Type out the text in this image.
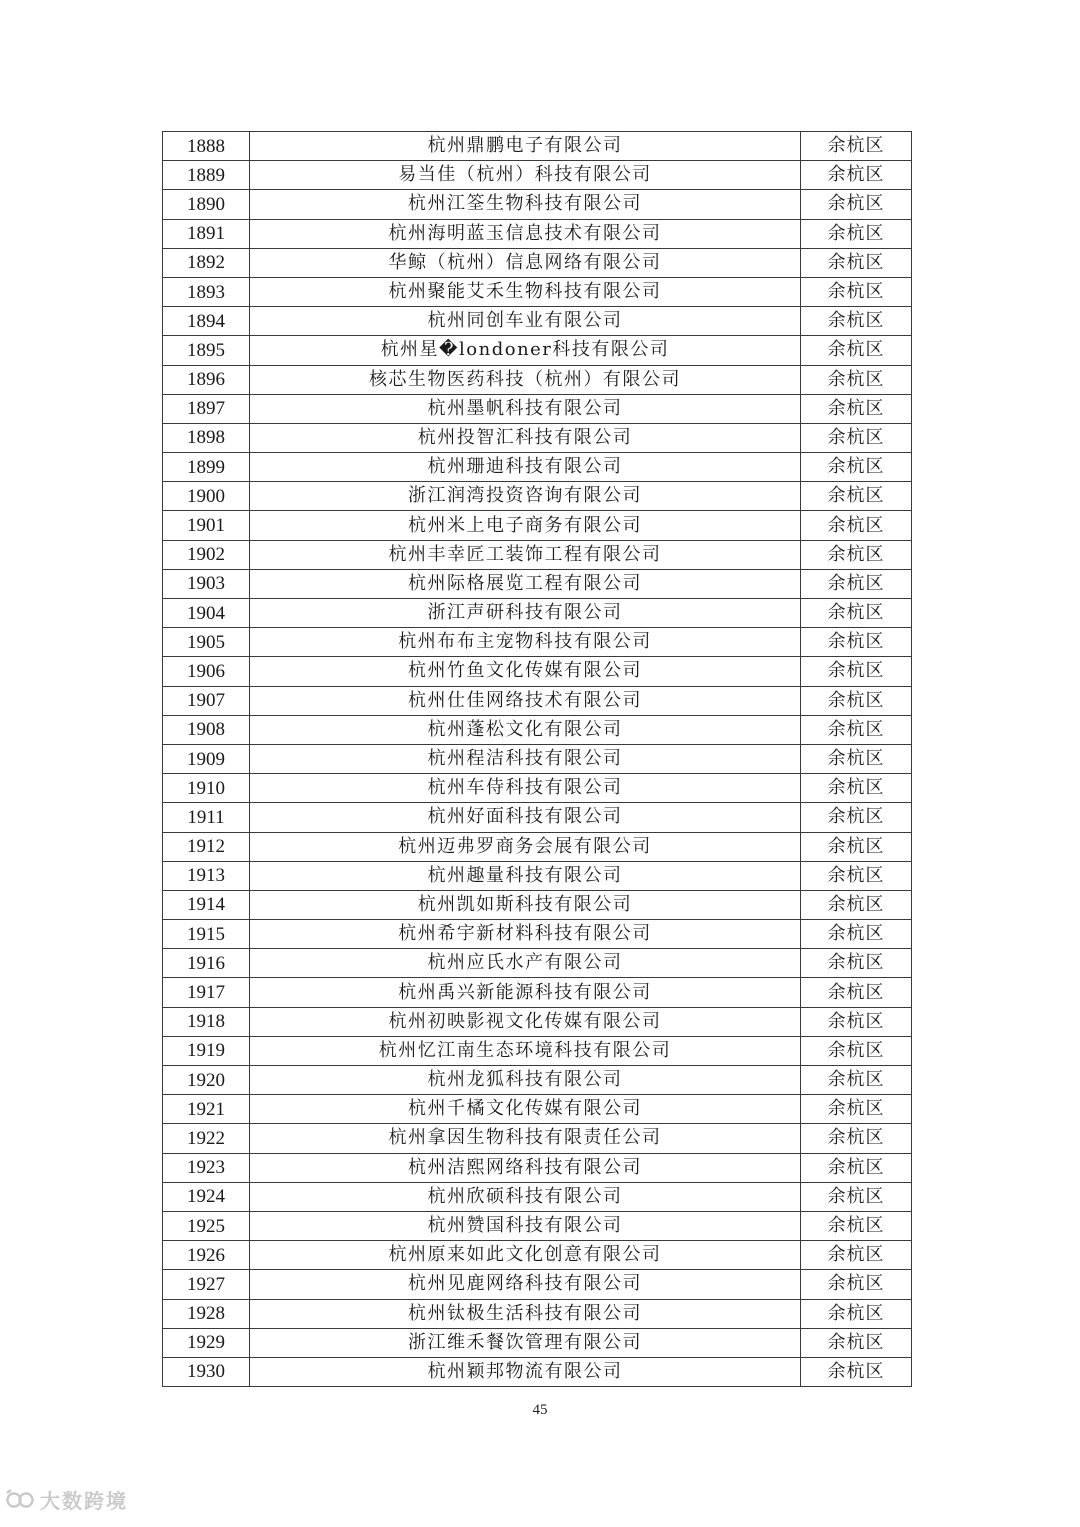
1888	杭州鼎鹏电子有限公司	余杭区
1889	易当佳（杭州）科技有限公司	余杭区
1890	杭州江筌生物科技有限公司	余杭区
1891	杭州海明蓝玉信息技术有限公司	余杭区
1892	华鲸（杭州）信息网络有限公司	余杭区
1893	杭州聚能艾禾生物科技有限公司	余杭区
1894	杭州同创车业有限公司	余杭区
1895	杭州星�londoner科技有限公司	余杭区
1896	核芯生物医药科技（杭州）有限公司	余杭区
1897	杭州墨帆科技有限公司	余杭区
1898	杭州投智汇科技有限公司	余杭区
1899	杭州珊迪科技有限公司	余杭区
1900	浙江润湾投资咨询有限公司	余杭区
1901	杭州米上电子商务有限公司	余杭区
1902	杭州丰幸匠工装饰工程有限公司	余杭区
1903	杭州际格展览工程有限公司	余杭区
1904	浙江声研科技有限公司	余杭区
1905	杭州布布主宠物科技有限公司	余杭区
1906	杭州竹鱼文化传媒有限公司	余杭区
1907	杭州仕佳网络技术有限公司	余杭区
1908	杭州蓬松文化有限公司	余杭区
1909	杭州程洁科技有限公司	余杭区
1910	杭州车侍科技有限公司	余杭区
1911	杭州好面科技有限公司	余杭区
1912	杭州迈弗罗商务会展有限公司	余杭区
1913	杭州趣量科技有限公司	余杭区
1914	杭州凯如斯科技有限公司	余杭区
1915	杭州希宇新材料科技有限公司	余杭区
1916	杭州应氏水产有限公司	余杭区
1917	杭州禹兴新能源科技有限公司	余杭区
1918	杭州初映影视文化传媒有限公司	余杭区
1919	杭州忆江南生态环境科技有限公司	余杭区
1920	杭州龙狐科技有限公司	余杭区
1921	杭州千橘文化传媒有限公司	余杭区
1922	杭州拿因生物科技有限责任公司	余杭区
1923	杭州洁熙网络科技有限公司	余杭区
1924	杭州欣硕科技有限公司	余杭区
1925	杭州赞国科技有限公司	余杭区
1926	杭州原来如此文化创意有限公司	余杭区
1927	杭州见鹿网络科技有限公司	余杭区
1928	杭州钛极生活科技有限公司	余杭区
1929	浙江维禾餐饮管理有限公司	余杭区
1930	杭州颖邦物流有限公司	余杭区
45
大数跨境
